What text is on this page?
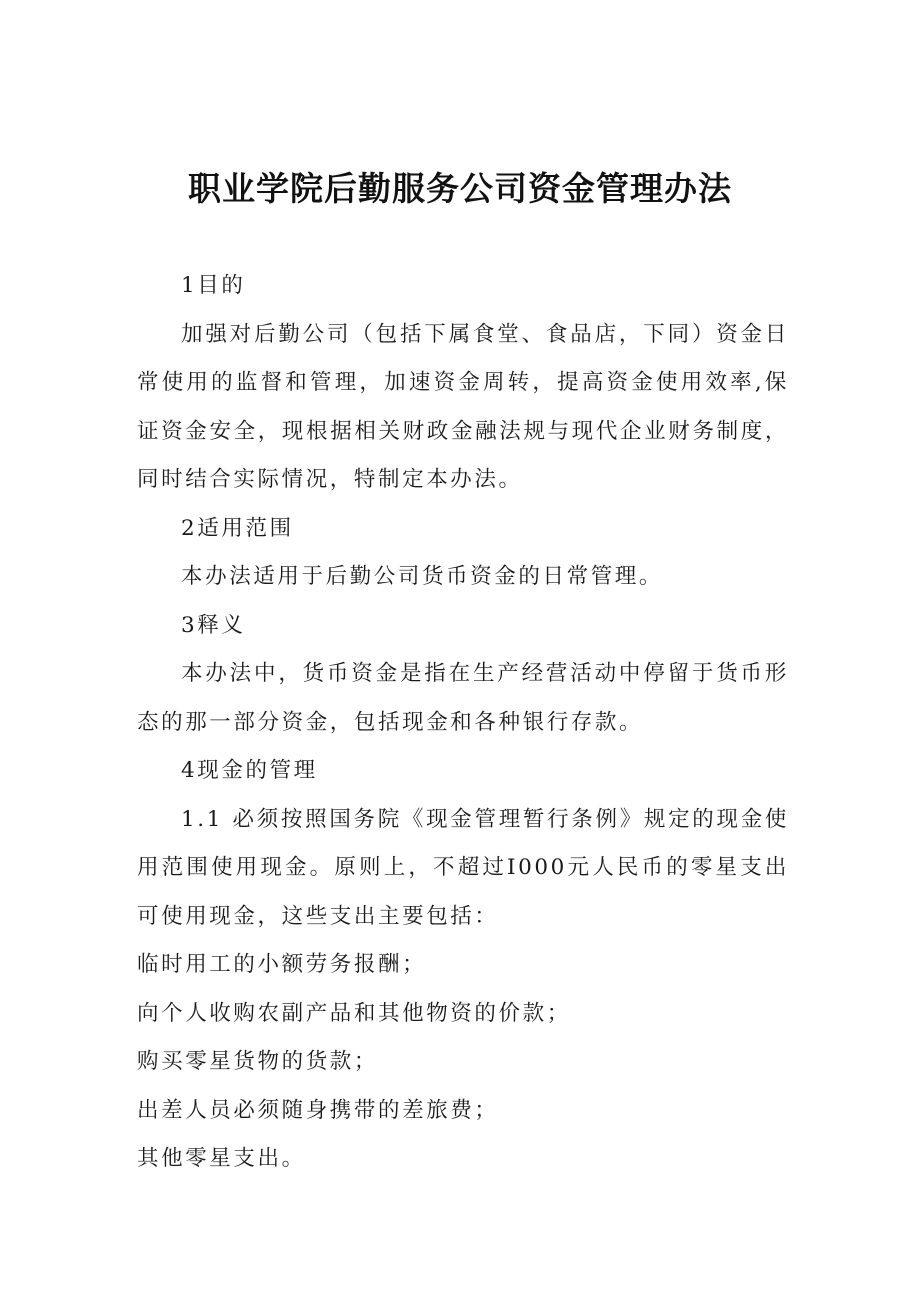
职业学院后勤服务公司资金管理办法

1目的

加强对后勤公司（包括下属食堂、食品店，下同）资金日常使用的监督和管理，加速资金周转，提高资金使用效率,保证资金安全，现根据相关财政金融法规与现代企业财务制度，同时结合实际情况，特制定本办法。

2适用范围

本办法适用于后勤公司货币资金的日常管理。

3释义

本办法中，货币资金是指在生产经营活动中停留于货币形态的那一部分资金，包括现金和各种银行存款。

4现金的管理

1.1 必须按照国务院《现金管理暂行条例》规定的现金使用范围使用现金。原则上，不超过I000元人民币的零星支出可使用现金，这些支出主要包括：

临时用工的小额劳务报酬；

向个人收购农副产品和其他物资的价款；

购买零星货物的货款；

出差人员必须随身携带的差旅费；

其他零星支出。
